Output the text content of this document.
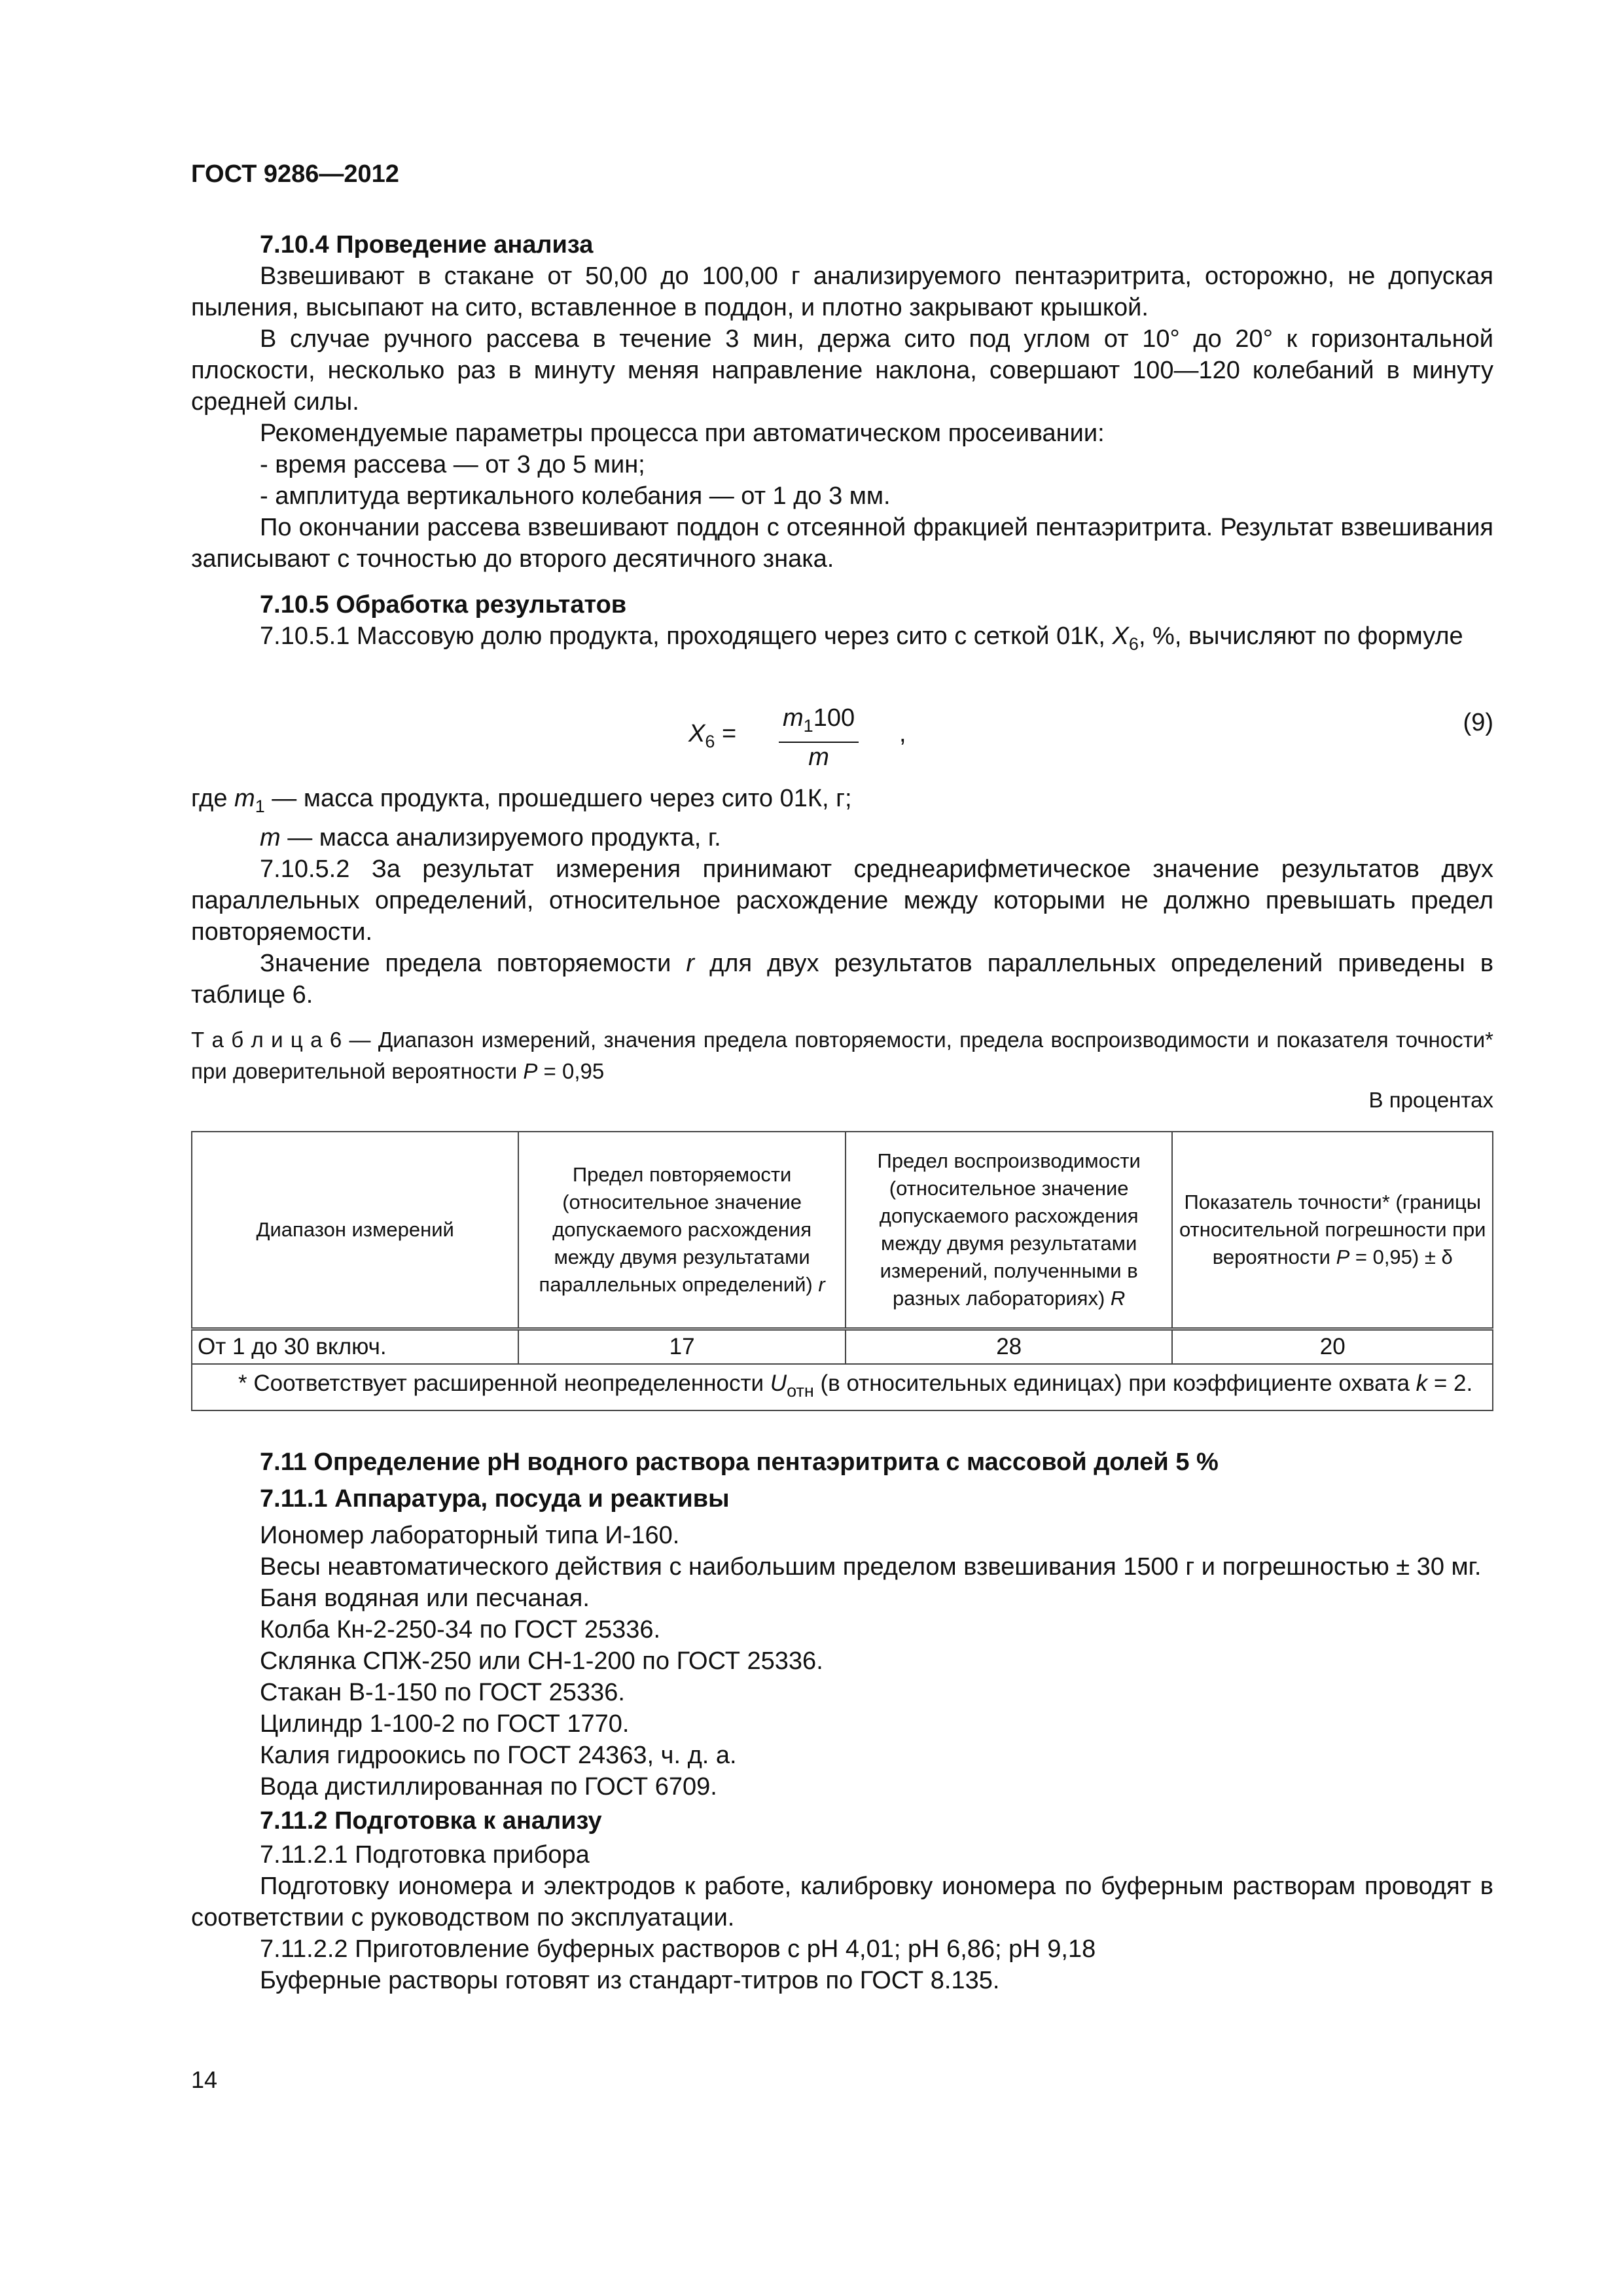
ГОСТ 9286—2012
7.10.4 Проведение анализа
Взвешивают в стакане от 50,00 до 100,00 г анализируемого пентаэритрита, осторожно, не допуская пыления, высыпают на сито, вставленное в поддон, и плотно закрывают крышкой.
В случае ручного рассева в течение 3 мин, держа сито под углом от 10° до 20° к горизонтальной плоскости, несколько раз в минуту меняя направление наклона, совершают 100—120 колебаний в минуту средней силы.
Рекомендуемые параметры процесса при автоматическом просеивании:
- время рассева — от 3 до 5 мин;
- амплитуда вертикального колебания — от 1 до 3 мм.
По окончании рассева взвешивают поддон с отсеянной фракцией пентаэритрита. Результат взвешивания записывают с точностью до второго десятичного знака.
7.10.5 Обработка результатов
7.10.5.1 Массовую долю продукта, проходящего через сито с сеткой 01К, $X_6$, %, вычисляют по формуле
$X_6 = \frac{m_1100}{m}$ ,	(9)
где $m_1$ — масса продукта, прошедшего через сито 01К, г;
m — масса анализируемого продукта, г.
7.10.5.2 За результат измерения принимают среднеарифметическое значение результатов двух параллельных определений, относительное расхождение между которыми не должно превышать предел повторяемости.
Значение предела повторяемости r для двух результатов параллельных определений приведены в таблице 6.
Т а б л и ц а 6 — Диапазон измерений, значения предела повторяемости, предела воспроизводимости и показателя точности* при доверительной вероятности P = 0,95
В процентах
Диапазон измерений	Предел повторяемости (относительное значение допускаемого расхождения между двумя результатами параллельных определений) r	Предел воспроизводимости (относительное значение допускаемого расхождения между двумя результатами измерений, полученными в разных лабораториях) R	Показатель точности* (границы относительной погрешности при вероятности P = 0,95) ± δ
От 1 до 30 включ.	17	28	20
* Соответствует расширенной неопределенности $U_{отн}$ (в относительных единицах) при коэффициенте охвата k = 2.			
7.11 Определение pH водного раствора пентаэритрита с массовой долей 5 %
7.11.1 Аппаратура, посуда и реактивы
Иономер лабораторный типа И-160.
Весы неавтоматического действия с наибольшим пределом взвешивания 1500 г и погрешностью ± 30 мг.
Баня водяная или песчаная.
Колба Кн-2-250-34 по ГОСТ 25336.
Склянка СПЖ-250 или СН-1-200 по ГОСТ 25336.
Стакан В-1-150 по ГОСТ 25336.
Цилиндр 1-100-2 по ГОСТ 1770.
Калия гидроокись по ГОСТ 24363, ч. д. а.
Вода дистиллированная по ГОСТ 6709.
7.11.2 Подготовка к анализу
7.11.2.1 Подготовка прибора
Подготовку иономера и электродов к работе, калибровку иономера по буферным растворам проводят в соответствии с руководством по эксплуатации.
7.11.2.2 Приготовление буферных растворов с pH 4,01; pH 6,86; pH 9,18
Буферные растворы готовят из стандарт-титров по ГОСТ 8.135.
14
